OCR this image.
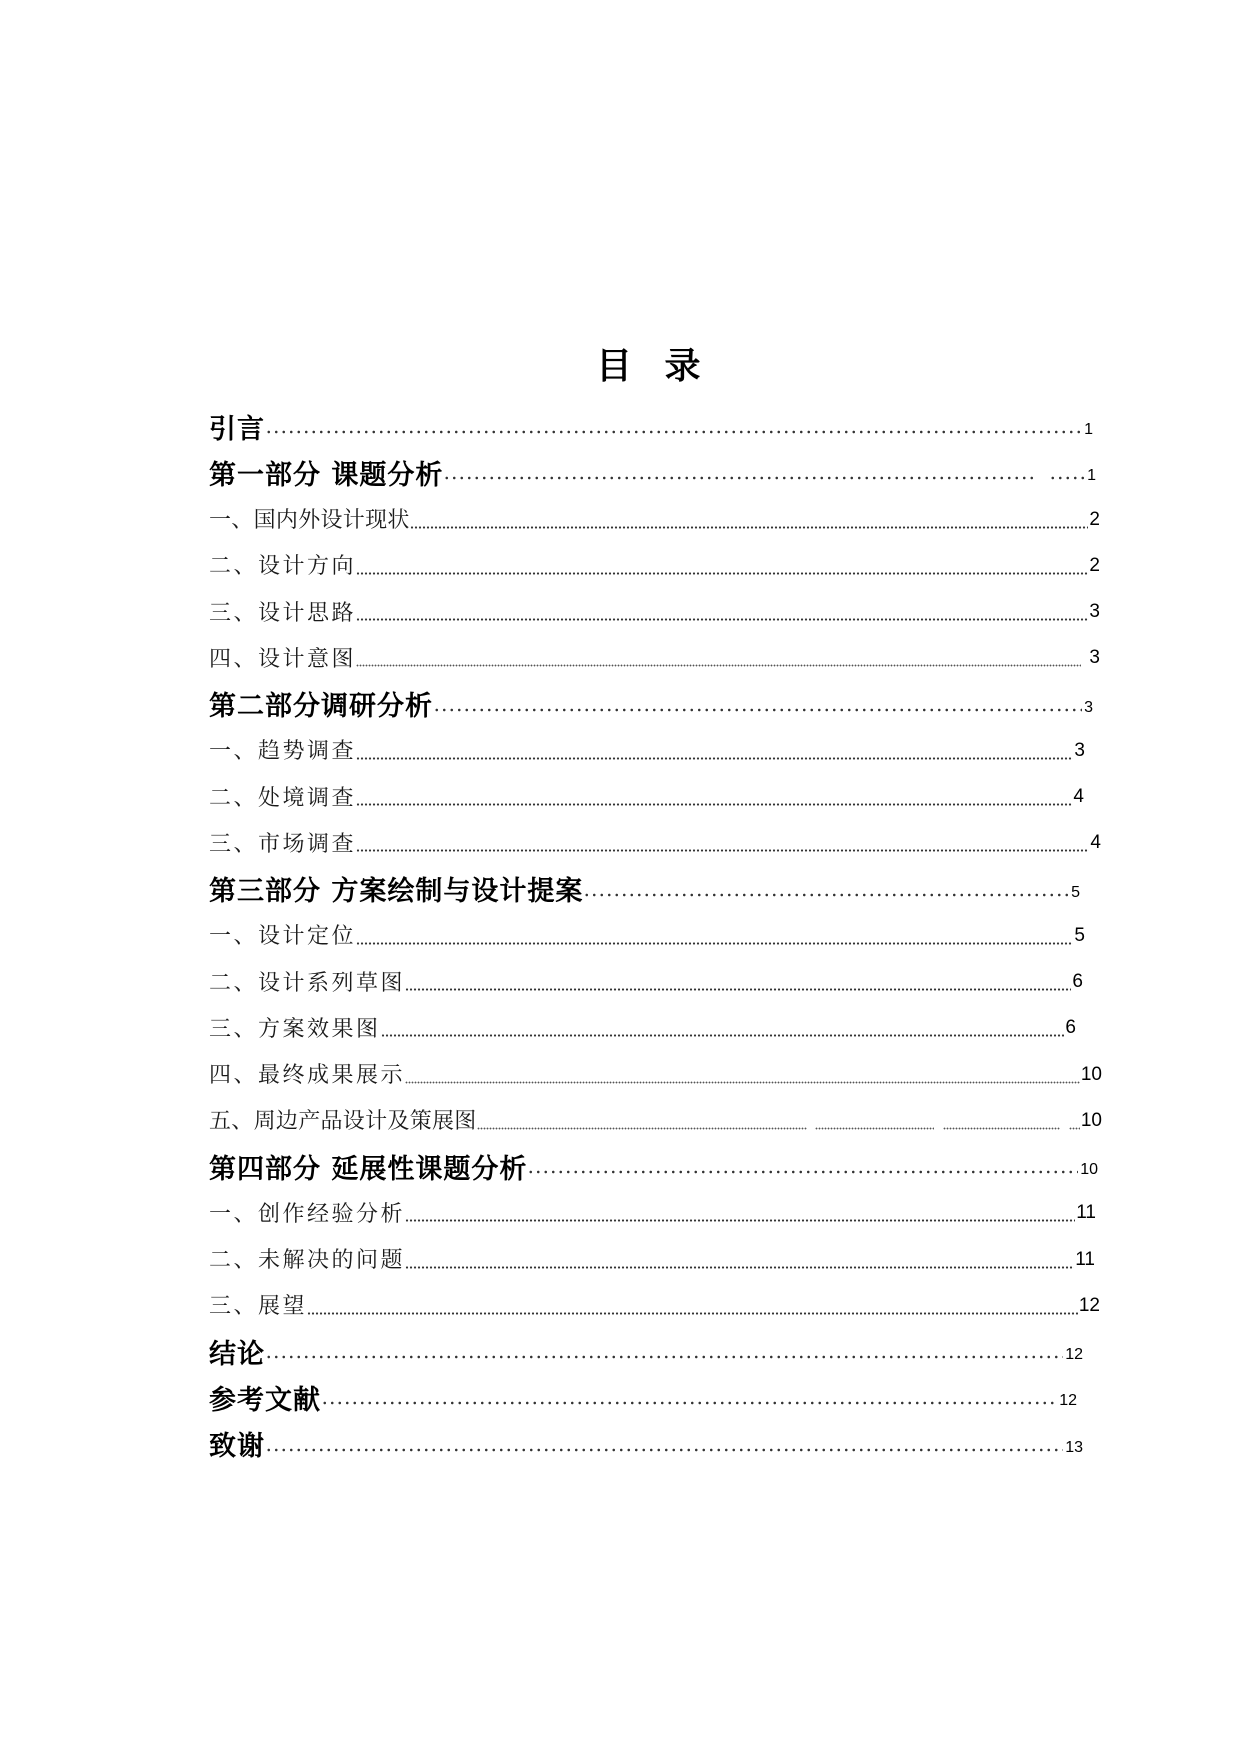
目 录
引言	1
第一部分 课题分析	1
一、国内外设计现状	2
二、设计方向	2
三、设计思路	3
四、设计意图	3
第二部分调研分析	3
一、趋势调查	3
二、处境调查	4
三、市场调查	4
第三部分 方案绘制与设计提案	5
一、设计定位	5
二、设计系列草图	6
三、方案效果图	6
四、最终成果展示	10
五、周边产品设计及策展图	10
第四部分 延展性课题分析	10
一、创作经验分析	11
二、未解决的问题	11
三、展望	12
结论	12
参考文献	12
致谢	13
